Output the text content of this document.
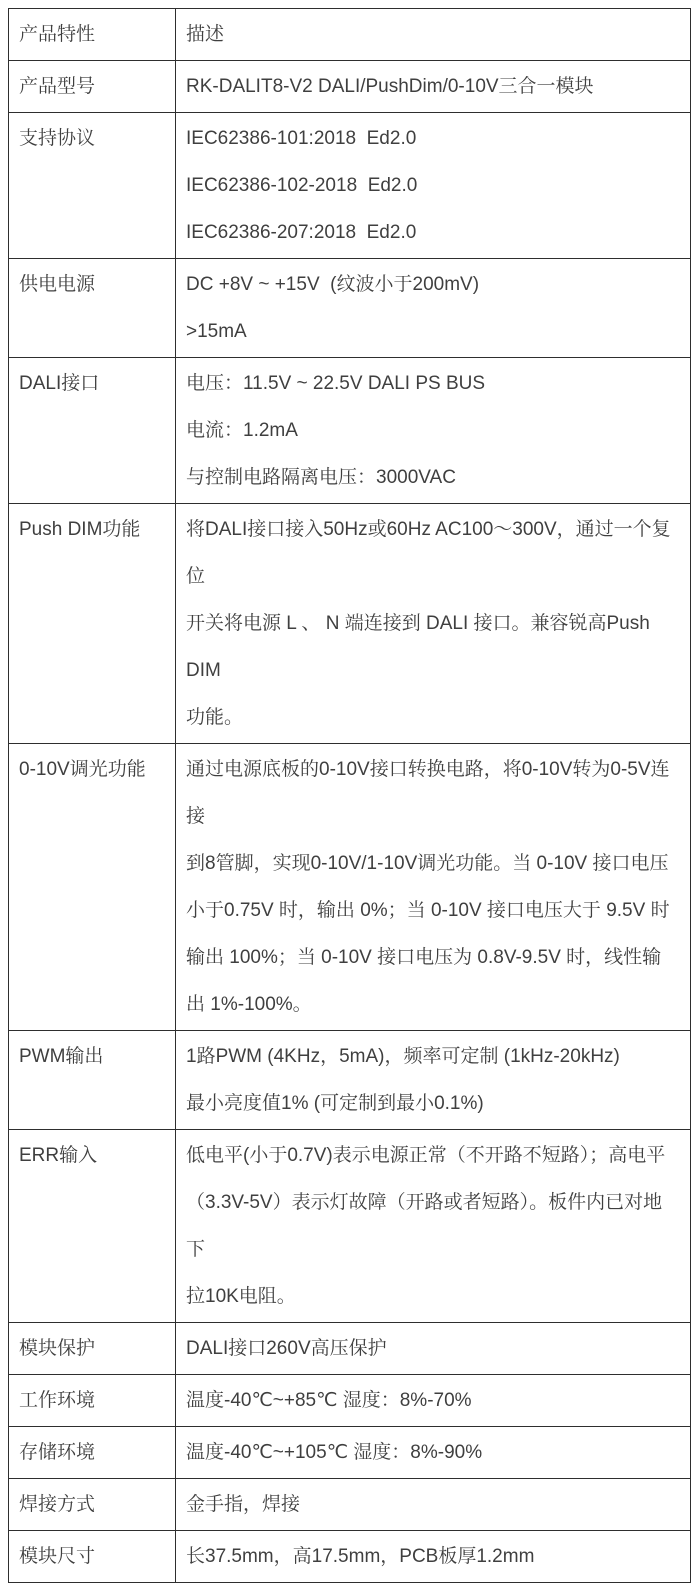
产品特性	描述

产品型号	RK-DALIT8-V2 DALI/PushDim/0-10V三合一模块

支持协议	IEC62386-101:2018  Ed2.0
IEC62386-102-2018  Ed2.0
IEC62386-207:2018  Ed2.0

供电电源	DC +8V ~ +15V  (纹波小于200mV)
>15mA

DALI接口	电压：11.5V ~ 22.5V DALI PS BUS
电流：1.2mA
与控制电路隔离电压：3000VAC

Push DIM功能	将DALI接口接入50Hz或60Hz AC100～300V，通过一个复位
开关将电源 L 、 N 端连接到 DALI 接口。兼容锐高Push DIM
功能。

0-10V调光功能	通过电源底板的0-10V接口转换电路，将0-10V转为0-5V连接
到8管脚，实现0-10V/1-10V调光功能。当 0-10V 接口电压
小于0.75V 时，输出 0%；当 0-10V 接口电压大于 9.5V 时
输出 100%；当 0-10V 接口电压为 0.8V-9.5V 时，线性输
出 1%-100%。

PWM输出	1路PWM (4KHz，5mA)，频率可定制 (1kHz-20kHz)
最小亮度值1% (可定制到最小0.1%)

ERR输入	低电平(小于0.7V)表示电源正常（不开路不短路）；高电平
（3.3V-5V）表示灯故障（开路或者短路）。板件内已对地下
拉10K电阻。

模块保护	DALI接口260V高压保护

工作环境	温度-40℃~+85℃ 湿度：8%-70%

存储环境	温度-40℃~+105℃ 湿度：8%-90%

焊接方式	金手指，焊接

模块尺寸	长37.5mm，高17.5mm，PCB板厚1.2mm
